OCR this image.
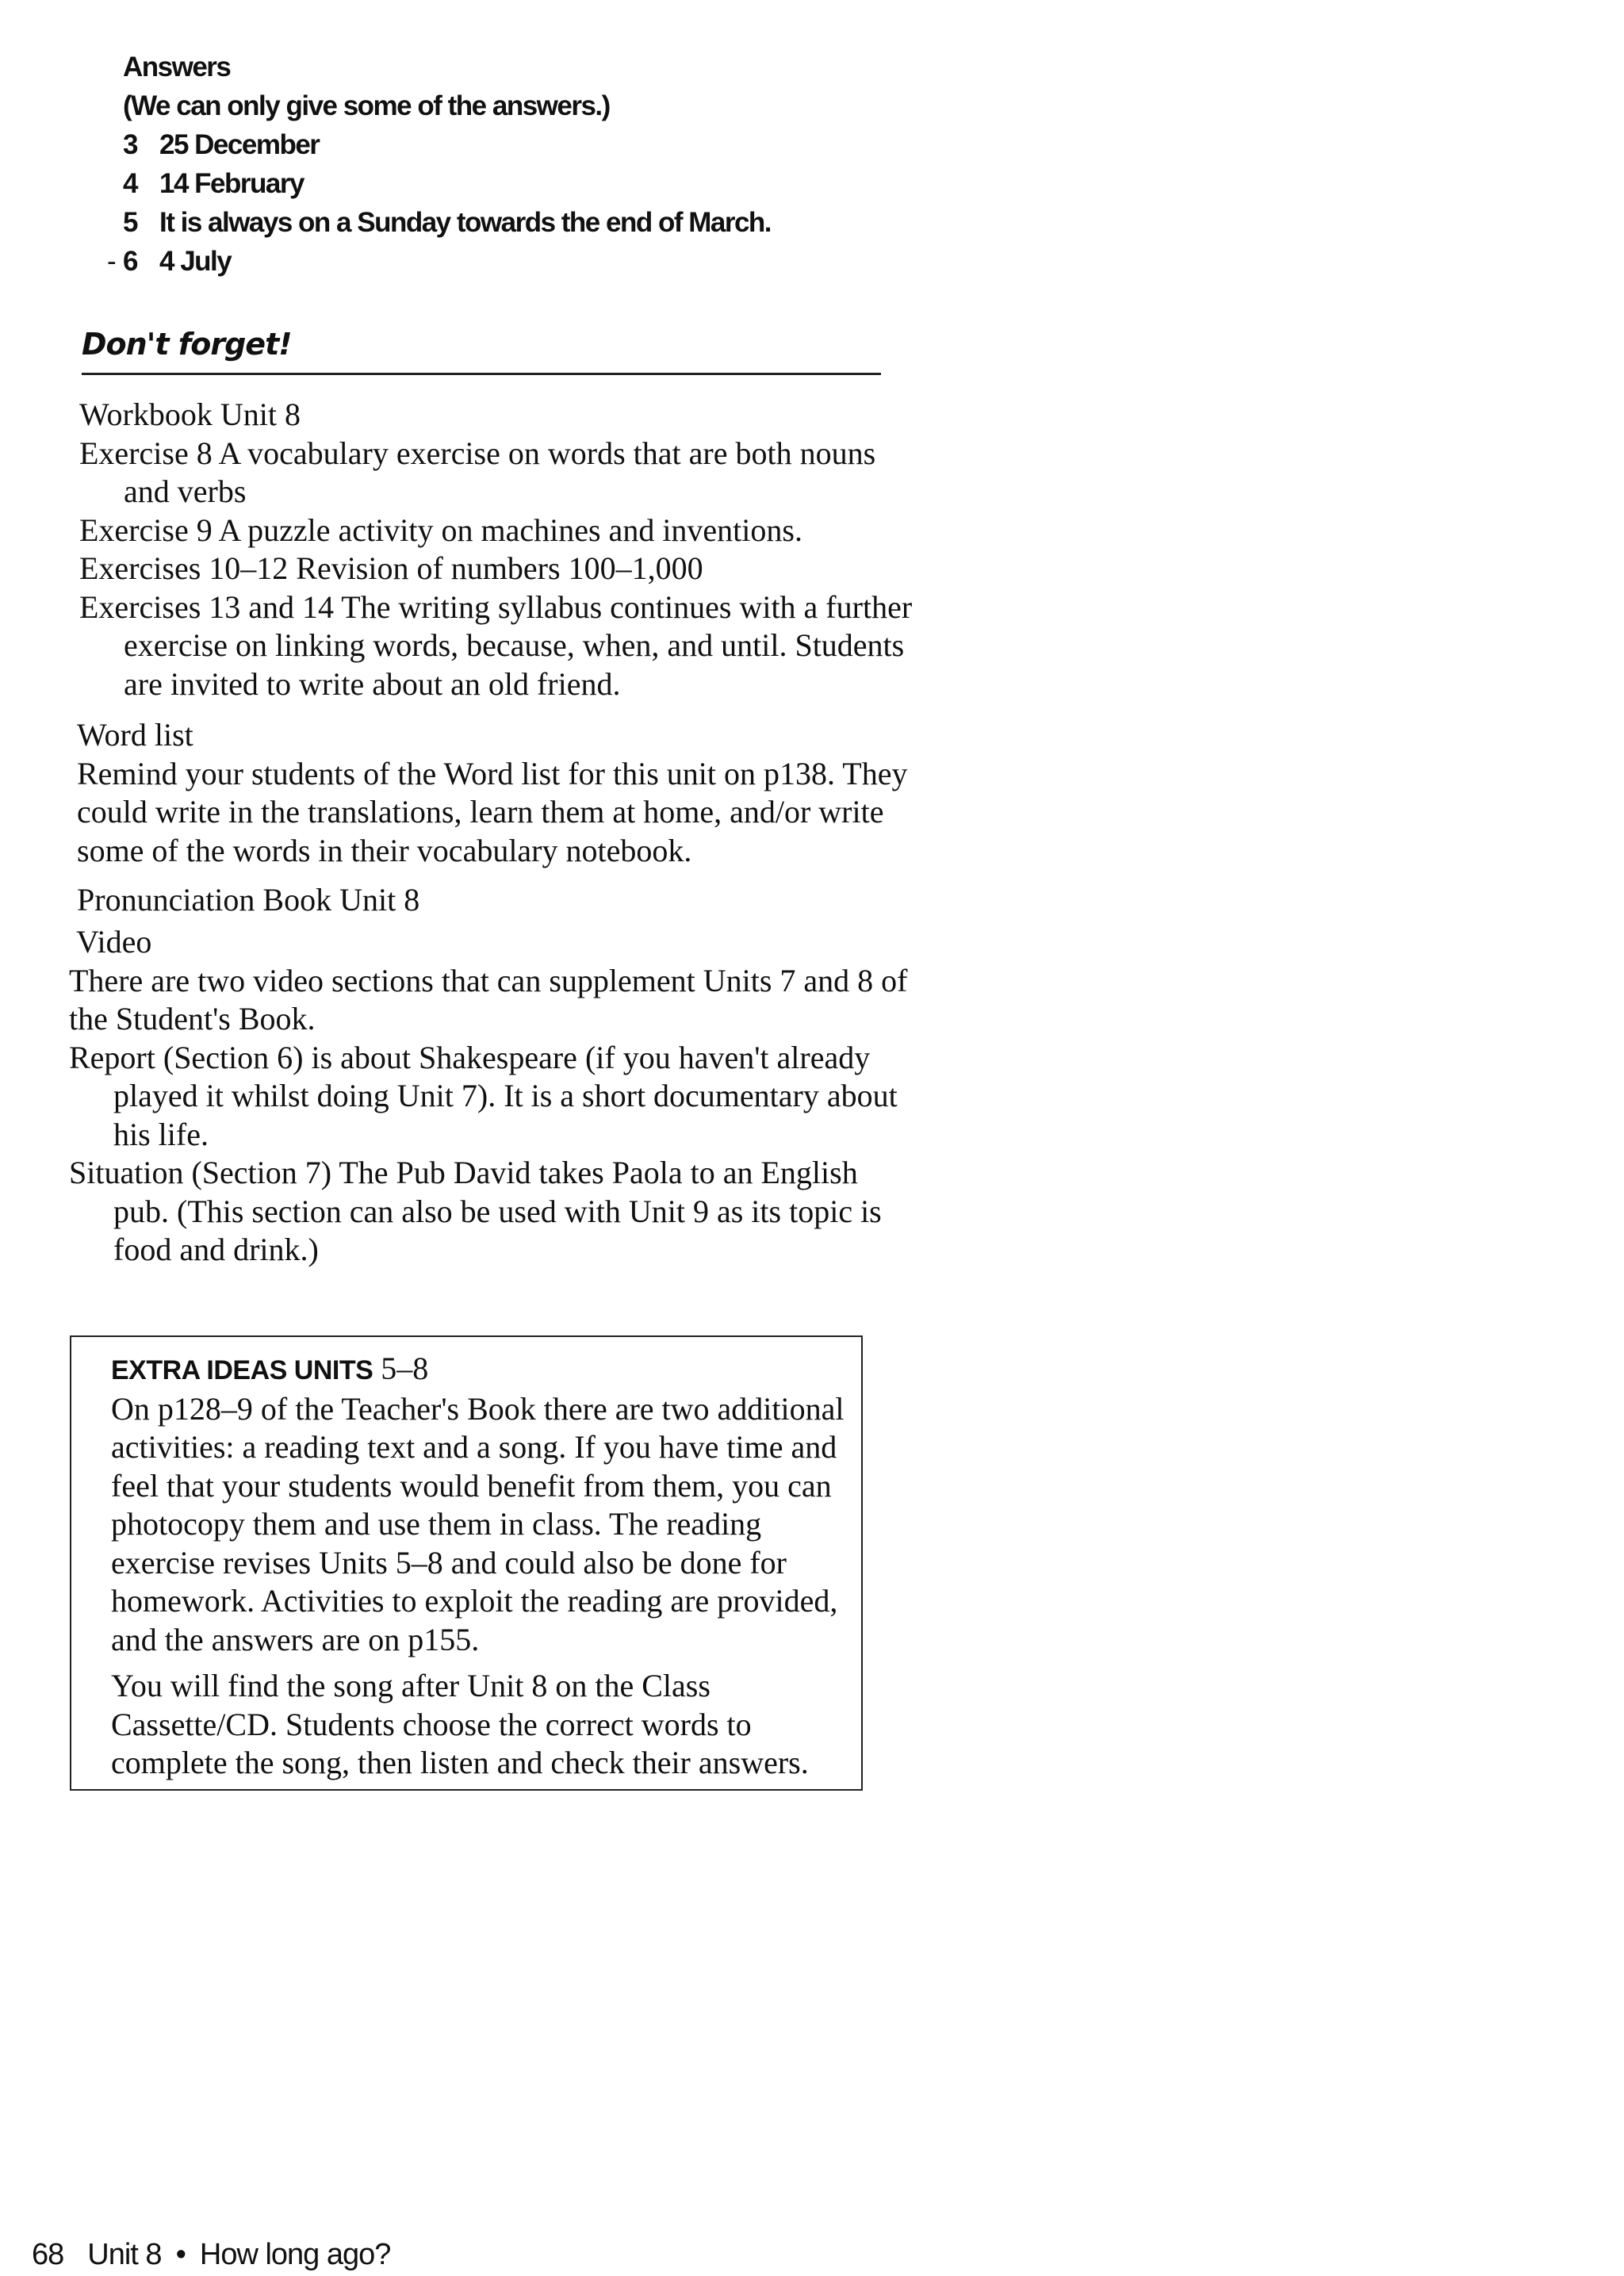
Answers
(We can only give some of the answers.)
3 25 December
4 14 February
5 It is always on a Sunday towards the end of March.
- 6 4 July
Don't forget!

Workbook Unit 8

Exercise 8 A vocabulary exercise on words that are both nouns and verbs

Exercise 9 A puzzle activity on machines and inventions.

Exercises 10–12 Revision of numbers 100–1,000

Exercises 13 and 14 The writing syllabus continues with a further exercise on linking words, because, when, and until. Students are invited to write about an old friend.

Word list

Remind your students of the Word list for this unit on p138. They could write in the translations, learn them at home, and/or write some of the words in their vocabulary notebook.

Pronunciation Book Unit 8

Video

There are two video sections that can supplement Units 7 and 8 of the Student's Book.

Report (Section 6) is about Shakespeare (if you haven't already played it whilst doing Unit 7). It is a short documentary about his life.

Situation (Section 7) The Pub David takes Paola to an English pub. (This section can also be used with Unit 9 as its topic is food and drink.)

EXTRA IDEAS UNITS 5–8

On p128–9 of the Teacher's Book there are two additional activities: a reading text and a song. If you have time and feel that your students would benefit from them, you can photocopy them and use them in class. The reading exercise revises Units 5–8 and could also be done for homework. Activities to exploit the reading are provided, and the answers are on p155.

You will find the song after Unit 8 on the Class Cassette/CD. Students choose the correct words to complete the song, then listen and check their answers.

68 Unit 8 • How long ago?
